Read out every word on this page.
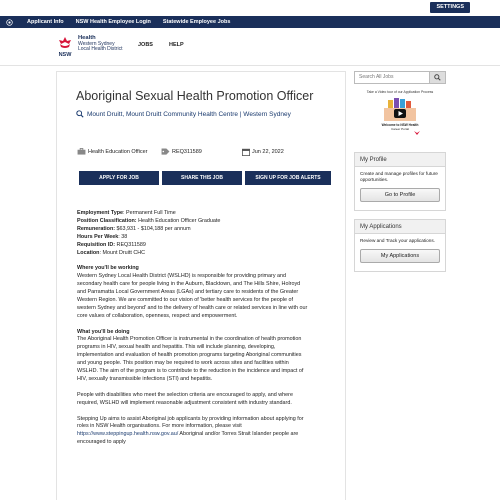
SETTINGS
Applicant Info NSW Health Employee Login Statewide Employee Jobs
NSW
Health
Western Sydney
Local Health District
JOBS	HELP
Aboriginal Sexual Health Promotion Officer
Mount Druitt, Mount Druitt Community Health Centre | Western Sydney
Health Education Officer	REQ311589	Jun 22, 2022
APPLY FOR JOB	SHARE THIS JOB	SIGN UP FOR JOB ALERTS
Employment Type: Permanent Full Time
Position Classification: Health Education Officer Graduate
Remuneration: $63,931 - $104,188 per annum
Hours Per Week: 38
Requisition ID: REQ311589
Location: Mount Druitt CHC
Where you'll be working
Western Sydney Local Health District (WSLHD) is responsible for providing primary and
secondary health care for people living in the Auburn, Blacktown, and The Hills Shire, Holroyd
and Parramatta Local Government Areas (LGAs) and tertiary care to residents of the Greater
Western Region. We are committed to our vision of 'better health services for the people of
western Sydney and beyond' and to the delivery of health care or related services in line with our
core values of collaboration, openness, respect and empowerment.
What you'll be doing
The Aboriginal Health Promotion Officer is instrumental in the coordination of health promotion
programs in HIV, sexual health and hepatitis. This will include planning, developing,
implementation and evaluation of health promotion programs targeting Aboriginal communities
and young people. This position may be required to work across sites and facilities within
WSLHD. The aim of the program is to contribute to the reduction in the incidence and impact of
HIV, sexually transmissible infections (STI) and hepatitis.
People with disabilities who meet the selection criteria are encouraged to apply, and where
required, WSLHD will implement reasonable adjustment consistent with industry standard.
Stepping Up aims to assist Aboriginal job applicants by providing information about applying for
roles in NSW Health organisations. For more information, please visit
https://www.steppingup.health.nsw.gov.au/ Aboriginal and/or Torres Strait Islander people are
encouraged to apply
Search All Jobs
Take a Video tour of our Application Process
Welcome to NSW Health
Career Portal
My Profile
Create and manage profiles for future opportunities.
Go to Profile
My Applications
Review and Track your applications.
My Applications
